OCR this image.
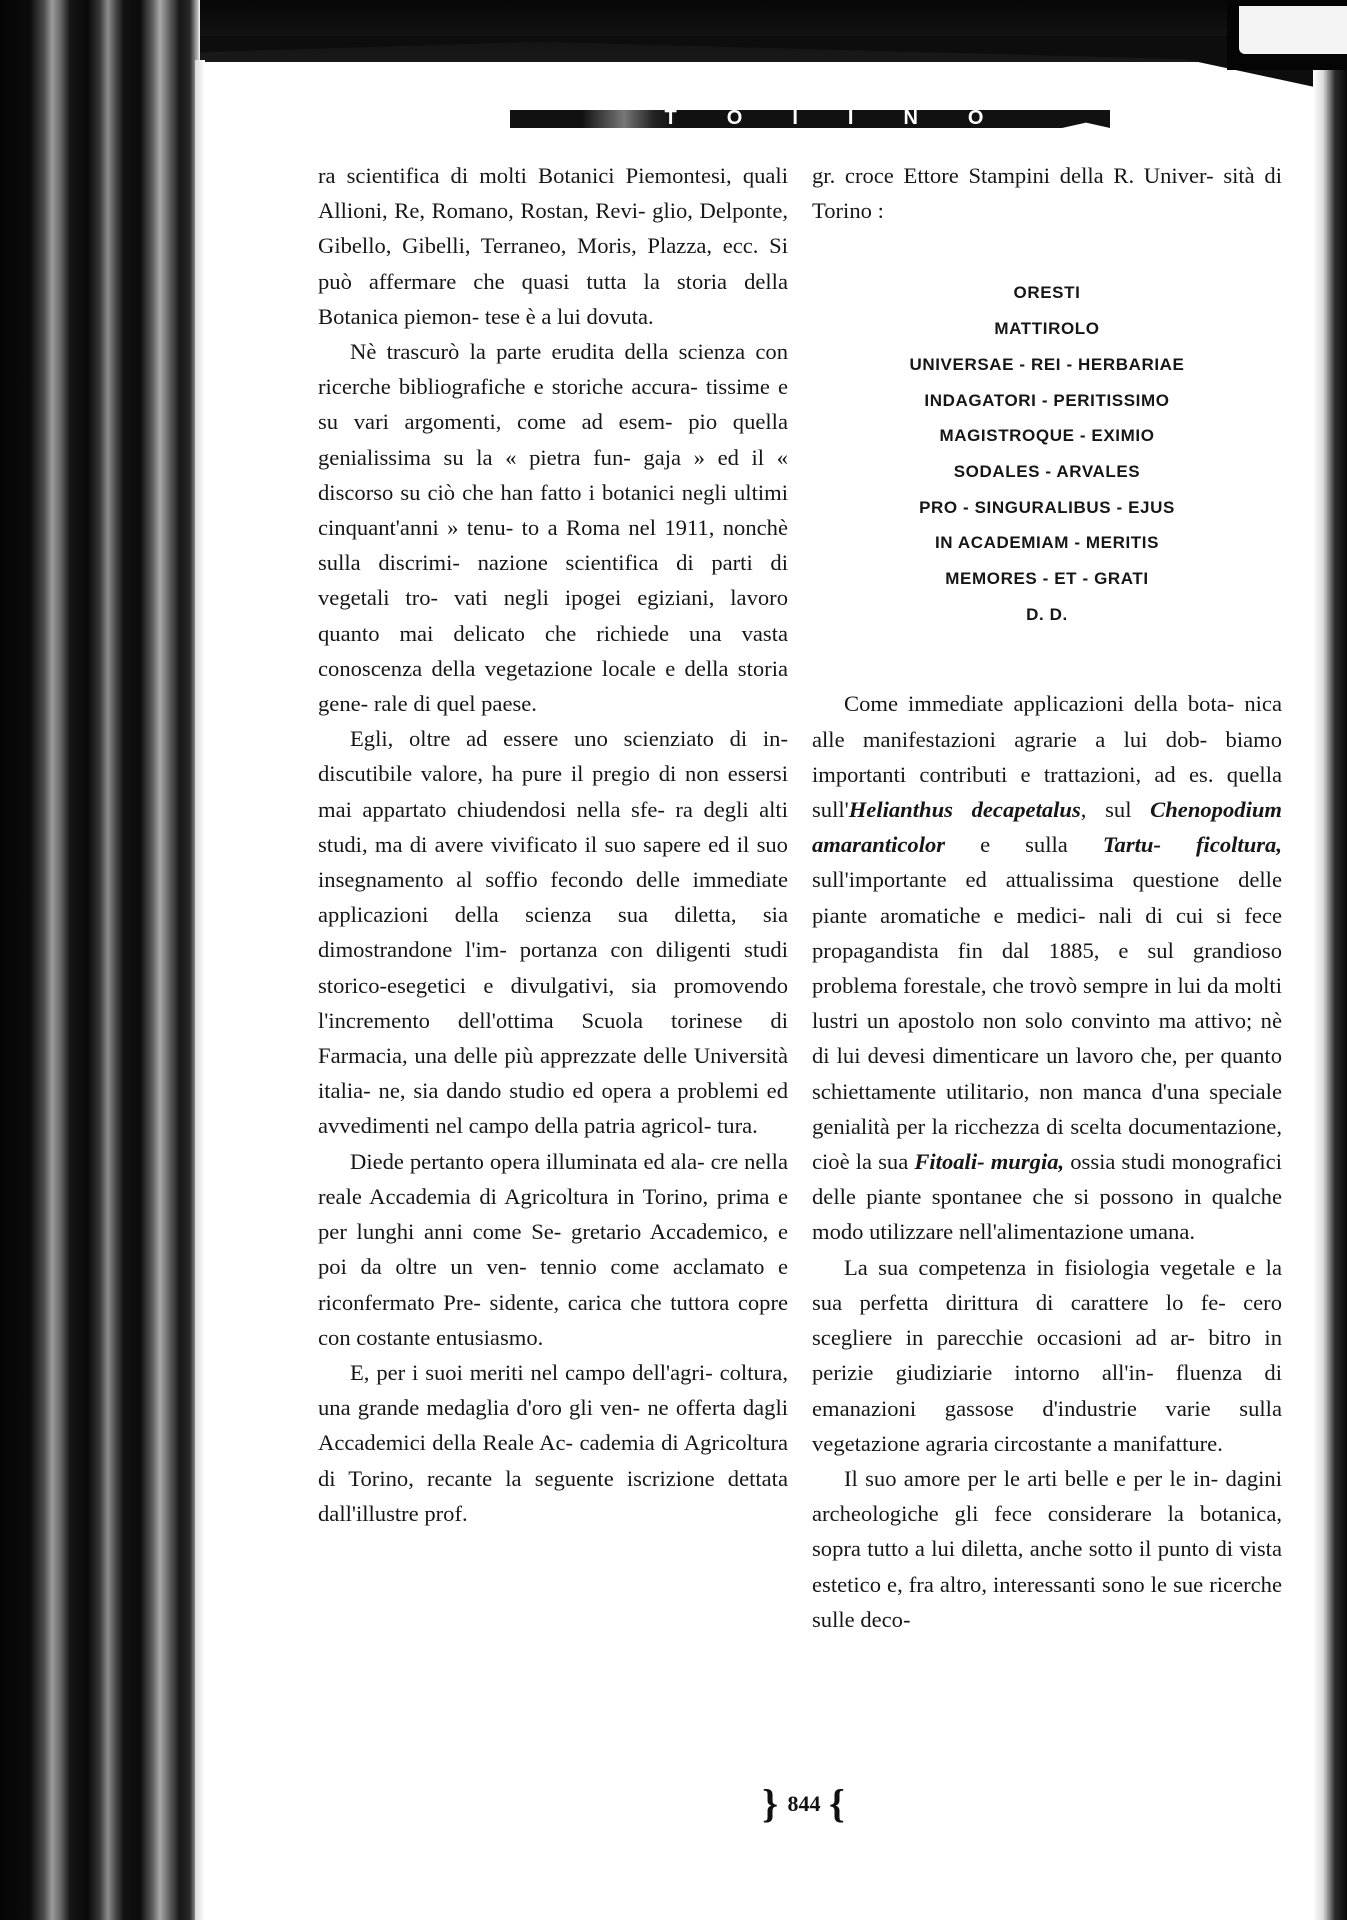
T O I I N O

ra scientifica di molti Botanici Piemontesi, quali Allioni, Re, Romano, Rostan, Revi- glio, Delponte, Gibello, Gibelli, Terraneo, Moris, Plazza, ecc. Si può affermare che quasi tutta la storia della Botanica piemon- tese è a lui dovuta.

Nè trascurò la parte erudita della scienza con ricerche bibliografiche e storiche accura- tissime e su vari argomenti, come ad esem- pio quella genialissima su la « pietra fun- gaja » ed il « discorso su ciò che han fatto i botanici negli ultimi cinquant'anni » tenu- to a Roma nel 1911, nonchè sulla discrimi- nazione scientifica di parti di vegetali tro- vati negli ipogei egiziani, lavoro quanto mai delicato che richiede una vasta conoscenza della vegetazione locale e della storia gene- rale di quel paese.

Egli, oltre ad essere uno scienziato di in- discutibile valore, ha pure il pregio di non essersi mai appartato chiudendosi nella sfe- ra degli alti studi, ma di avere vivificato il suo sapere ed il suo insegnamento al soffio fecondo delle immediate applicazioni della scienza sua diletta, sia dimostrandone l'im- portanza con diligenti studi storico-esegetici e divulgativi, sia promovendo l'incremento dell'ottima Scuola torinese di Farmacia, una delle più apprezzate delle Università italia- ne, sia dando studio ed opera a problemi ed avvedimenti nel campo della patria agricol- tura.

Diede pertanto opera illuminata ed ala- cre nella reale Accademia di Agricoltura in Torino, prima e per lunghi anni come Se- gretario Accademico, e poi da oltre un ven- tennio come acclamato e riconfermato Pre- sidente, carica che tuttora copre con costante entusiasmo.

E, per i suoi meriti nel campo dell'agri- coltura, una grande medaglia d'oro gli ven- ne offerta dagli Accademici della Reale Ac- cademia di Agricoltura di Torino, recante la seguente iscrizione dettata dall'illustre prof.

gr. croce Ettore Stampini della R. Univer- sità di Torino :

ORESTI
MATTIROLO
UNIVERSAE - REI - HERBARIAE
INDAGATORI - PERITISSIMO
MAGISTROQUE - EXIMIO
SODALES - ARVALES
PRO - SINGURALIBUS - EJUS
IN ACADEMIAM - MERITIS
MEMORES - ET - GRATI
D. D.

Come immediate applicazioni della bota- nica alle manifestazioni agrarie a lui dob- biamo importanti contributi e trattazioni, ad es. quella sull'Helianthus decapetalus, sul Chenopodium amaranticolor e sulla Tartu- ficoltura, sull'importante ed attualissima questione delle piante aromatiche e medici- nali di cui si fece propagandista fin dal 1885, e sul grandioso problema forestale, che trovò sempre in lui da molti lustri un apostolo non solo convinto ma attivo; nè di lui devesi dimenticare un lavoro che, per quanto schiettamente utilitario, non manca d'una speciale genialità per la ricchezza di scelta documentazione, cioè la sua Fitoali- murgia, ossia studi monografici delle piante spontanee che si possono in qualche modo utilizzare nell'alimentazione umana.

La sua competenza in fisiologia vegetale e la sua perfetta dirittura di carattere lo fe- cero scegliere in parecchie occasioni ad ar- bitro in perizie giudiziarie intorno all'in- fluenza di emanazioni gassose d'industrie varie sulla vegetazione agraria circostante a manifatture.

Il suo amore per le arti belle e per le in- dagini archeologiche gli fece considerare la botanica, sopra tutto a lui diletta, anche sotto il punto di vista estetico e, fra altro, interessanti sono le sue ricerche sulle deco-

} 844 {
